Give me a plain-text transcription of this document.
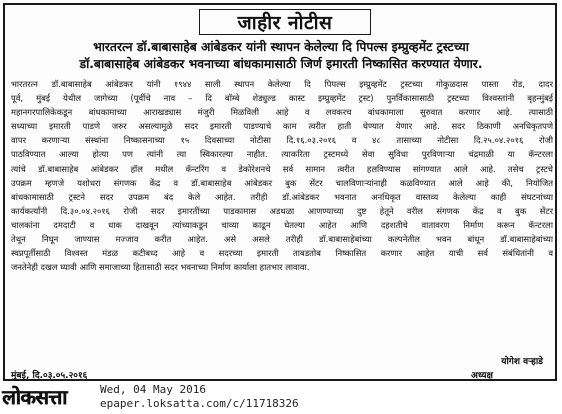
जाहीर नोटीस
भारतरत्न डॉ.बाबासाहेब आंबेडकर यांनी स्थापन केलेल्या दि पिपल्स इम्प्रुव्हमेंट ट्रस्टच्या
डॉ.बाबासाहेब आंबेडकर भवनाच्या बांधकामासाठी जिर्ण इमारती निष्कासित करण्यात येणार.
भारतरत्न डॉ.बाबासाहेब आंबेडकर यांनी १९४४ साली स्थापन केलेल्या दि पिपल्स इम्प्रुव्हमेंट ट्रस्टच्या गोकुळदास पास्ता रोड, दादर
पूर्व, मुंबई येथील जागेच्या (पूर्वीचे नाव – दि बॉम्बे शेड्युल्ड कास्ट इम्प्रुव्हमेंट ट्रस्ट) पुनर्विकासासाठी ट्रस्टच्या विश्वस्तांनी बृहन्मुंबई
महानगरपालिकेकडून बांधकामाच्या आराखड्यास मंजुरी मिळविली आहे व लवकरच बांधकामाला सुरुवात करणार आहे. त्यासाठी
सध्याच्या इमारती पाडणे जरुर असल्यामुळे सदर इमारती पाडण्याचे काम त्वरीत हाती घेण्यात येणार आहे. सदर ठिकाणी अनधिकृतपणे
वापर करणाऱ्या संस्थांना निष्कासनाच्या १५ दिवसाच्या नोटीसा दि.१६.०३.२०१६ व ४८ तासाच्या नोटीसा दि.२५.०४.२०१६ रोजी
पाठविण्यात आल्या होत्या पण त्यांनी त्या स्विकारल्या नाहीत. त्याकरिता ट्रस्टमध्ये सेवा सुविधा पुरविणाऱ्या चंद्रमाळी या कॅन्टरला
त्यांचे डॉ.बाबासाहेब आंबेडकर हॉल मधील कॅन्टरिंग व डेकोरेशनचे सर्व सामान त्वरीत हलविण्यास सांगण्यात आले आहे. तसेच ट्रस्टचे
उपक्रम म्हणजे यशोधरा संगणक केंद्र व डॉ.बाबासाहेब आंबेडकर बुक सेंटर चालविणाऱ्यांनाही कळविण्यात आले आहे की, नियोजित
बांधकामासाठी ट्रस्टने सदर उपक्रम बंद केले आहेत. तरीही डॉ.आंबेडकर भवनात अनधिकृत वास्तव्य केलेल्या काही संघटनांच्या
कार्यकर्त्यांनी दि.३०.०४.२०१६ रोजी सदर इमारतींच्या पाडकामास अडथळा आणण्याच्या दुष्ट हेतूने वरील संगणक केंद्र व बुक सेंटर
चालकांना दमदाटी व धाक दाखवून त्यांच्याकडून चाव्या काढून घेतल्या आहेत आणि दहशतीचे वातावरण निर्माण करून कॅन्टरला
तेथून निघून जाण्यास मज्जाव करीत आहेत. असे असले तरीही डॉ.बाबासाहेबांच्या कल्पनेतील भवन बांधून डॉ.बाबासाहेबांच्या
स्वप्नपूर्तीसाठी विश्वस्त मंडळ कटीबध्द आहे व सदरच्या इमारती ताबडतोब निष्कासित करणार आहेत याची सर्व संबंधितांनी व
जनतेनेही दखल घ्यावी आणि समाजाच्या हितासाठी सदर भवनाच्या निर्माण कार्याला हातभार लावावा.
योगेश वऱ्हाडे
मुंबई, दि.०३.०५.२०१६	अध्यक्ष
लोकसत्ता	Wed, 04 May 2016
epaper.loksatta.com/c/11718326
